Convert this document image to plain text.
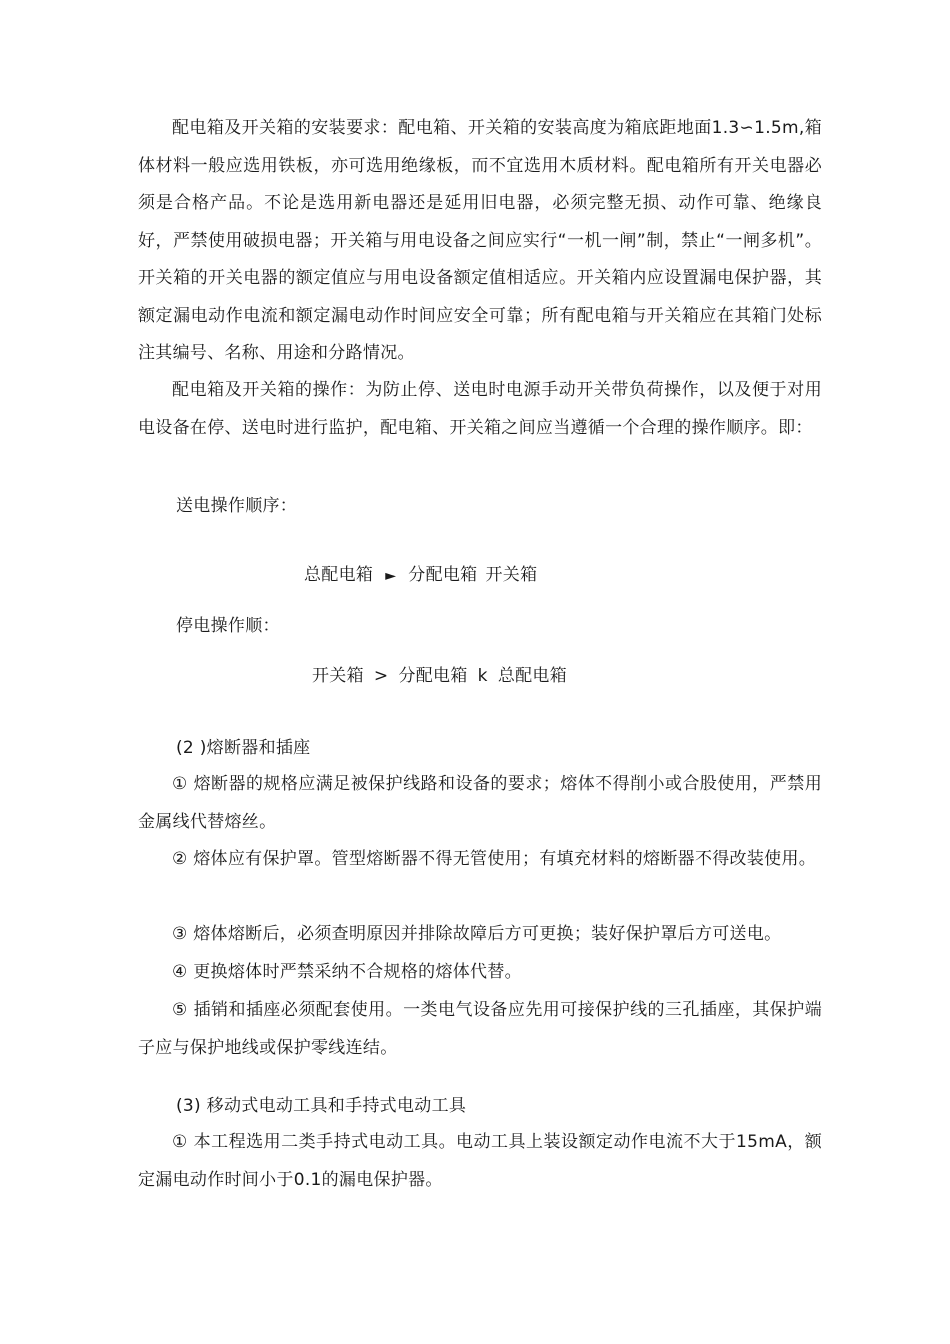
配电箱及开关箱的安装要求：配电箱、开关箱的安装高度为箱底距地面1.3∽1.5m,箱体材料一般应选用铁板，亦可选用绝缘板，而不宜选用木质材料。配电箱所有开关电器必须是合格产品。不论是选用新电器还是延用旧电器，必须完整无损、动作可靠、绝缘良好，严禁使用破损电器；开关箱与用电设备之间应实行“一机一闸”制，禁止“一闸多机”。开关箱的开关电器的额定值应与用电设备额定值相适应。开关箱内应设置漏电保护器，其额定漏电动作电流和额定漏电动作时间应安全可靠；所有配电箱与开关箱应在其箱门处标注其编号、名称、用途和分路情况。

配电箱及开关箱的操作：为防止停、送电时电源手动开关带负荷操作，以及便于对用电设备在停、送电时进行监护，配电箱、开关箱之间应当遵循一个合理的操作顺序。即：

送电操作顺序：

总配电箱 ► 分配电箱 开关箱

停电操作顺：

开关箱 > 分配电箱 k 总配电箱

(2 )熔断器和插座

① 熔断器的规格应满足被保护线路和设备的要求；熔体不得削小或合股使用，严禁用金属线代替熔丝。

② 熔体应有保护罩。管型熔断器不得无管使用；有填充材料的熔断器不得改装使用。

③ 熔体熔断后，必须查明原因并排除故障后方可更换；装好保护罩后方可送电。

④ 更换熔体时严禁采纳不合规格的熔体代替。

⑤ 插销和插座必须配套使用。一类电气设备应先用可接保护线的三孔插座，其保护端子应与保护地线或保护零线连结。

(3) 移动式电动工具和手持式电动工具

① 本工程选用二类手持式电动工具。电动工具上装设额定动作电流不大于15mA，额定漏电动作时间小于0.1的漏电保护器。
